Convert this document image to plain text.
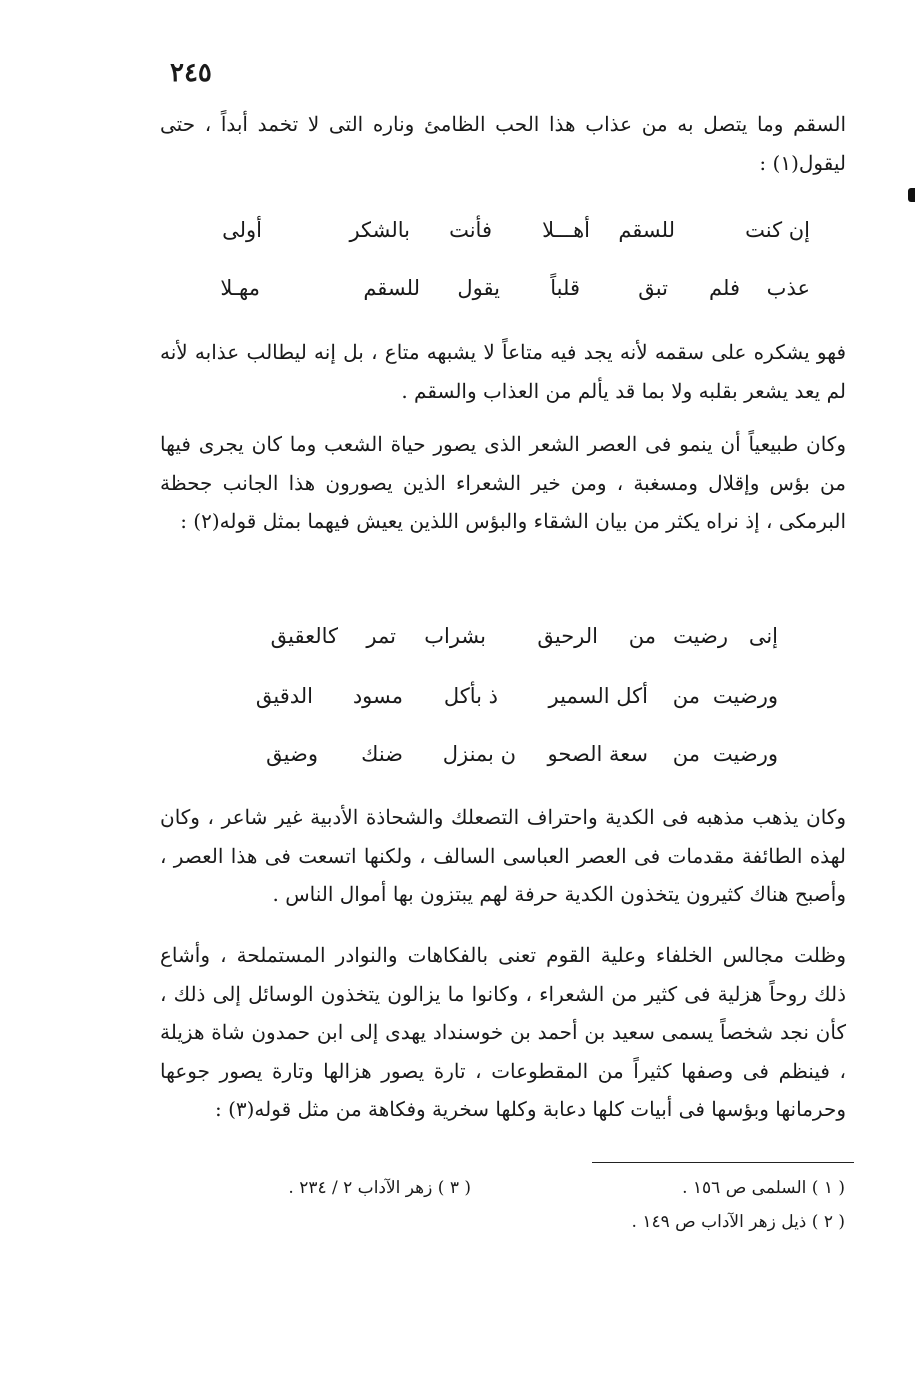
٢٤٥
السقم وما يتصل به من عذاب هذا الحب الظامئ وناره التى لا تخمد أبداً ، حتى ليقول(١) :
إن كنت
للسقم
أهـــلا
فأنت
بالشكر
أولى
عذب
فلم
تبق
قلباً
يقول
للسقم
مهـلا
فهو يشكره على سقمه لأنه يجد فيه متاعاً لا يشبهه متاع ، بل إنه ليطالب عذابه لأنه لم يعد يشعر بقلبه ولا بما قد يألم من العذاب والسقم .
وكان طبيعياً أن ينمو فى العصر الشعر الذى يصور حياة الشعب وما كان يجرى فيها من بؤس وإقلال ومسغبة ، ومن خير الشعراء الذين يصورون هذا الجانب جحظة البرمكى ، إذ نراه يكثر من بيان الشقاء والبؤس اللذين يعيش فيهما بمثل قوله(٢) :
إنى
رضيت
من
الرحيق
بشراب
تمر
كالعقيق
ورضيت
من
أكل السمير
ذ بأكل
مسود
الدقيق
ورضيت
من
سعة الصحو
ن بمنزل
ضنك
وضيق
وكان يذهب مذهبه فى الكدية واحتراف التصعلك والشحاذة الأدبية غير شاعر ، وكان لهذه الطائفة مقدمات فى العصر العباسى السالف ، ولكنها اتسعت فى هذا العصر ، وأصبح هناك كثيرون يتخذون الكدية حرفة لهم يبتزون بها أموال الناس .
وظلت مجالس الخلفاء وعلية القوم تعنى بالفكاهات والنوادر المستملحة ، وأشاع ذلك روحاً هزلية فى كثير من الشعراء ، وكانوا ما يزالون يتخذون الوسائل إلى ذلك ، كأن نجد شخصاً يسمى سعيد بن أحمد بن خوسنداد يهدى إلى ابن حمدون شاة هزيلة ، فينظم فى وصفها كثيراً من المقطوعات ، تارة يصور هزالها وتارة يصور جوعها وحرمانها وبؤسها فى أبيات كلها دعابة وكلها سخرية وفكاهة من مثل قوله(٣) :
( ١ ) السلمى ص ١٥٦ .
( ٣ ) زهر الآداب ٢ / ٢٣٤ .
( ٢ ) ذيل زهر الآداب ص ١٤٩ .
